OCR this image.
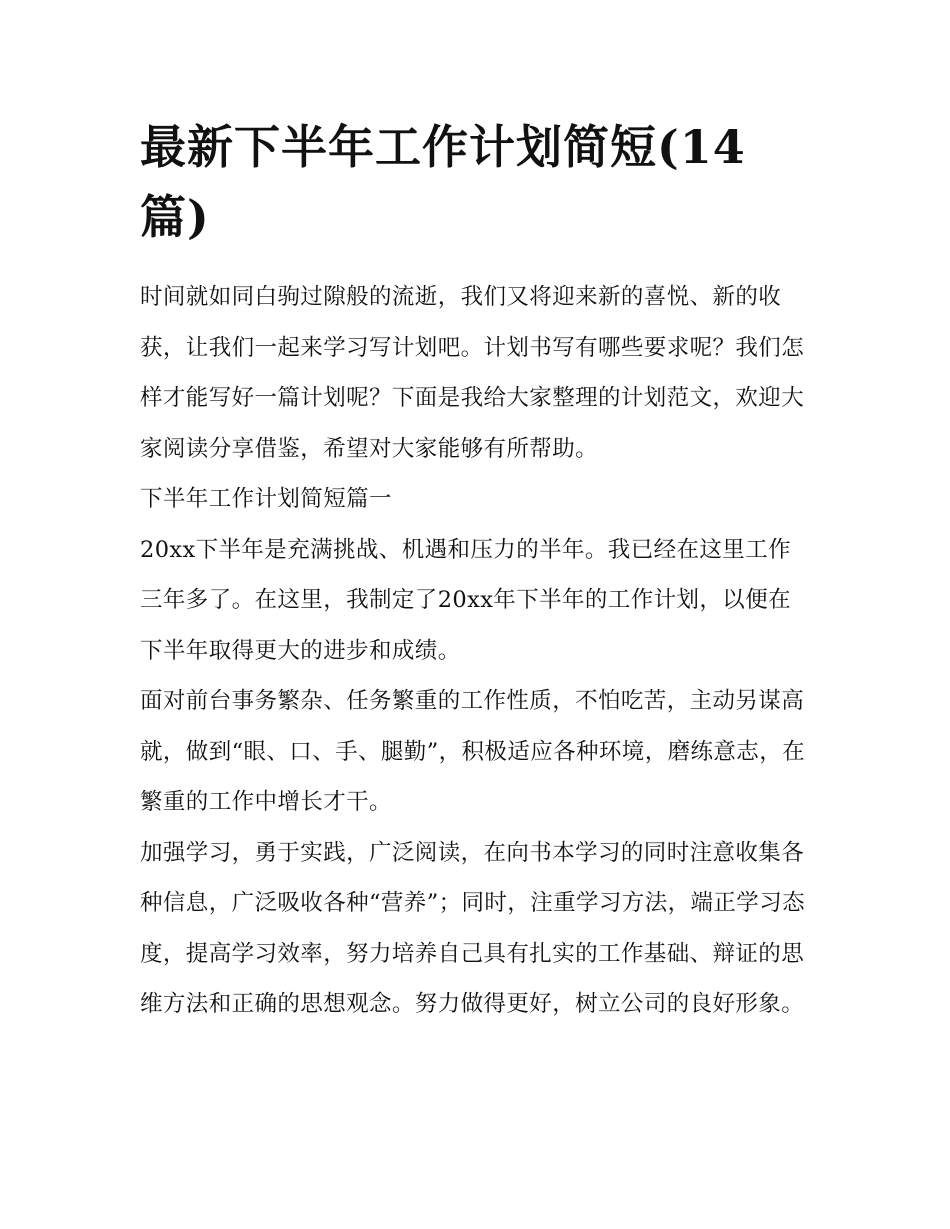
最新下半年工作计划简短(14篇)

时间就如同白驹过隙般的流逝，我们又将迎来新的喜悦、新的收获，让我们一起来学习写计划吧。计划书写有哪些要求呢？我们怎样才能写好一篇计划呢？下面是我给大家整理的计划范文，欢迎大家阅读分享借鉴，希望对大家能够有所帮助。

下半年工作计划简短篇一

20xx下半年是充满挑战、机遇和压力的半年。我已经在这里工作三年多了。在这里，我制定了20xx年下半年的工作计划，以便在下半年取得更大的进步和成绩。

面对前台事务繁杂、任务繁重的工作性质，不怕吃苦，主动另谋高就，做到“眼、口、手、腿勤”，积极适应各种环境，磨练意志，在繁重的工作中增长才干。

加强学习，勇于实践，广泛阅读，在向书本学习的同时注意收集各种信息，广泛吸收各种“营养”；同时，注重学习方法，端正学习态度，提高学习效率，努力培养自己具有扎实的工作基础、辩证的思维方法和正确的思想观念。努力做得更好，树立公司的良好形象。
